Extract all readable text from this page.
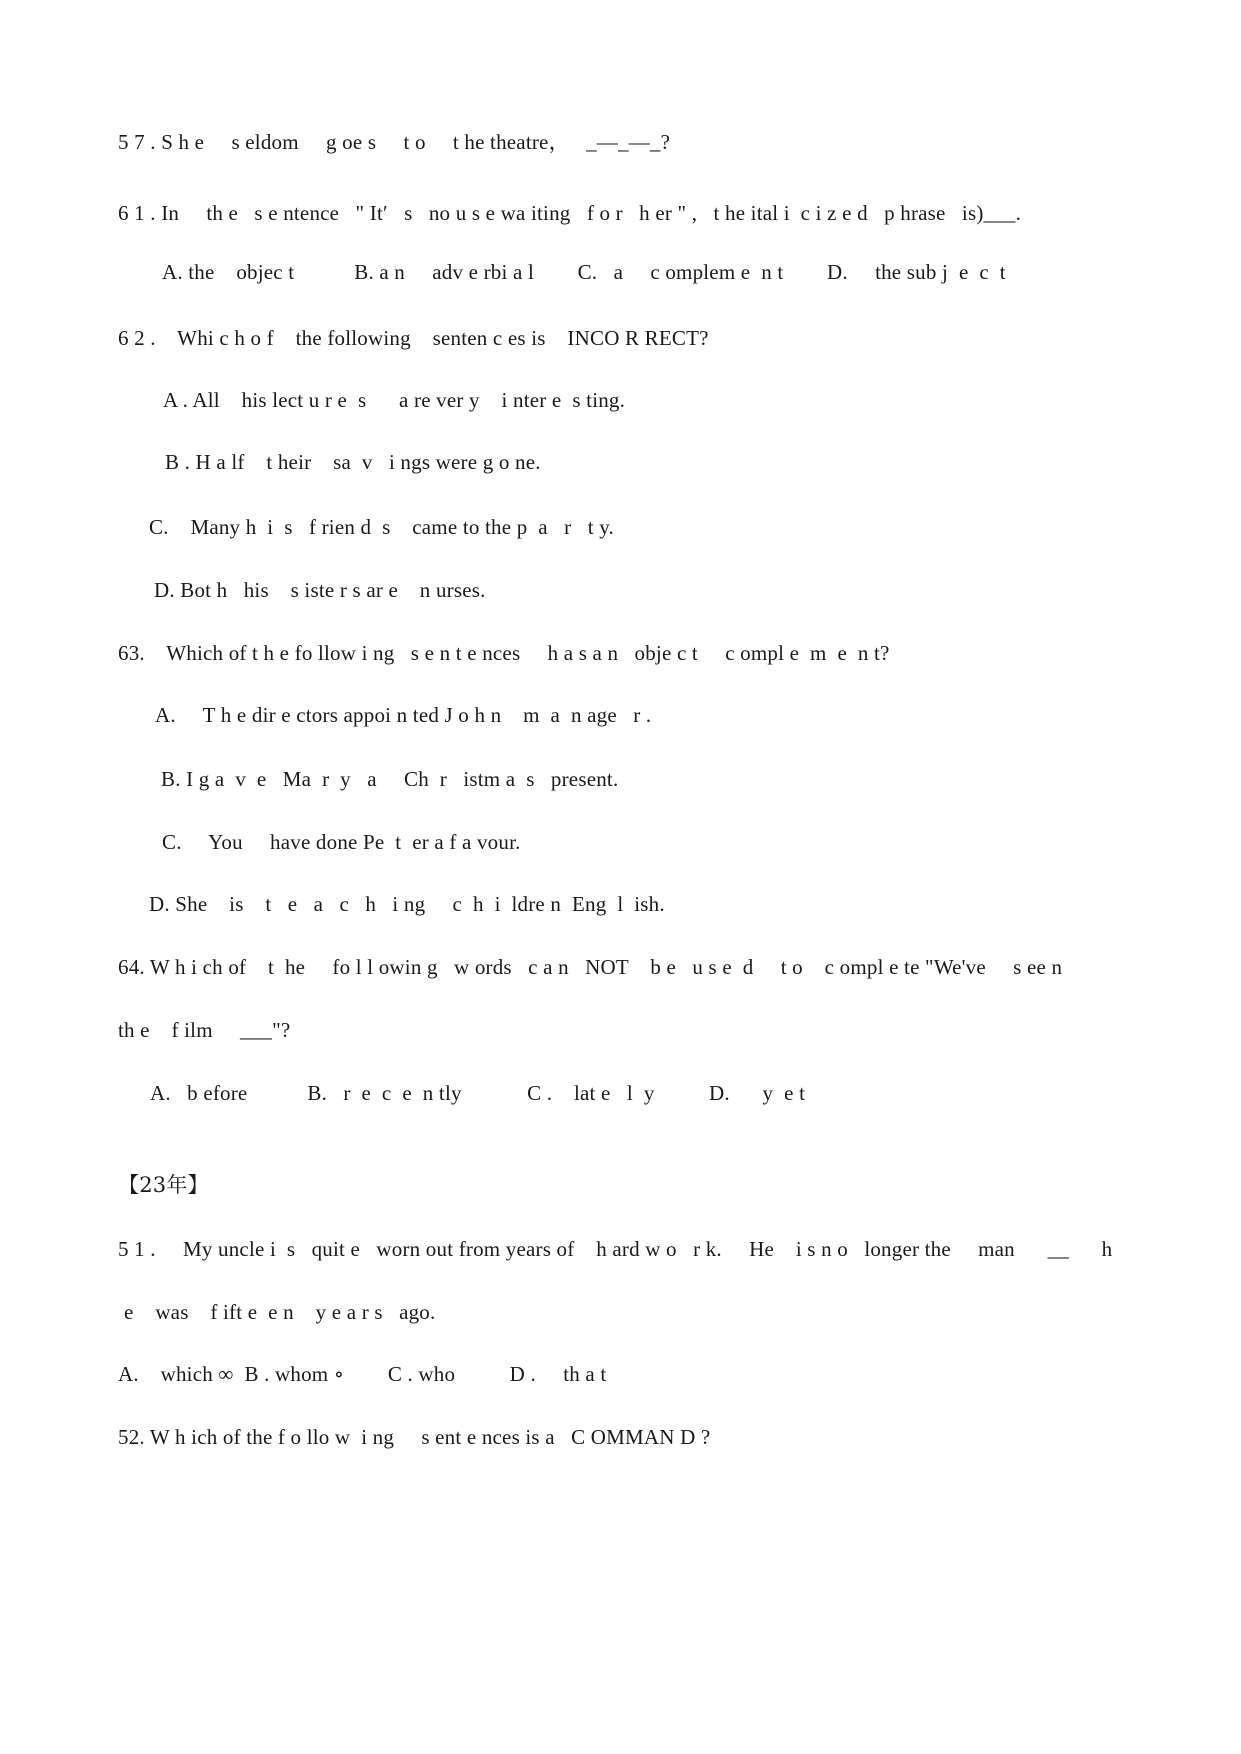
5 7 . S h e     s eldom     g oe s     t o     t he theatre，   _—_—_?
6 1 . In     th e   s e ntence   " It′   s   no u s e wa iting   f o r   h er " ,   t he ital i  c i z e d   p hrase   is)___.
A. the    objec t           B. a n     adv e rbi a l        C.   a     c omplem e  n t        D.     the sub j  e  c  t
6 2 .    Whi c h o f    the following    senten c es is    INCO R RECT?
A . All    his lect u r e  s      a re ver y    i nter e  s ting.
B . H a lf    t heir    sa  v   i ngs were g o ne.
C.    Many h  i  s   f rien d  s    came to the p  a   r   t y.
D. Bot h   his    s iste r s ar e    n urses.
63.    Which of t h e fo llow i ng   s e n t e nces     h a s a n   obje c t     c ompl e  m  e  n t?
A.     T h e dir e ctors appoi n ted J o h n    m  a  n age   r .
B. I g a  v  e   Ma  r  y   a     Ch  r   istm a  s   present.
C.     You     have done Pe  t  er a f a vour.
D. She    is    t   e   a   c   h   i ng     c  h  i  ldre n  Eng  l  ish.
64. W h i ch of    t  he     fo l l owin g   w ords   c a n   NOT    b e   u s e  d     t o    c ompl e te "We've     s ee n
th e    f ilm     ___"?
A.   b efore           B.   r  e  c  e  n tly            C .    lat e   l  y          D.      y  e t
【23年】
5 1 .     My uncle i  s   quit e   worn out from years of    h ard w o   r k.     He    i s n o   longer the     man      __      h
e    was    f ift e  e n    y e a r s   ago.
A.    which ∞  B . whom ∘        C . who          D .     th a t
52. W h ich of the f o llo w  i ng     s ent e nces is a   C OMMAN D ?
